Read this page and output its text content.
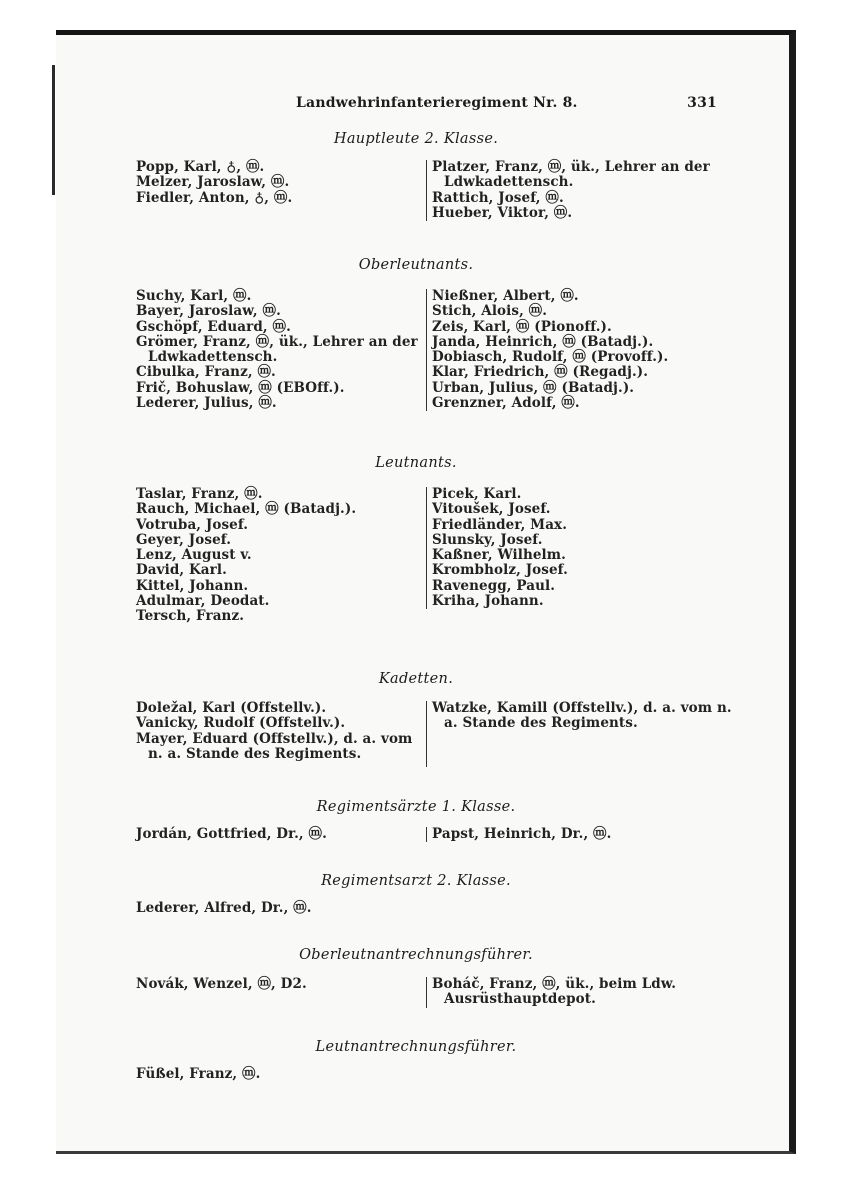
Landwehrinfanterieregiment Nr. 8.	331
Hauptleute 2. Klasse.
Popp, Karl, ♁, ⓜ.
Melzer, Jaroslaw, ⓜ.
Fiedler, Anton, ♁, ⓜ.
Platzer, Franz, ⓜ, ük., Lehrer an der Ldwkadettensch.
Rattich, Josef, ⓜ.
Hueber, Viktor, ⓜ.
Oberleutnants.
Suchy, Karl, ⓜ.
Bayer, Jaroslaw, ⓜ.
Gschöpf, Eduard, ⓜ.
Grömer, Franz, ⓜ, ük., Lehrer an der Ldwkadettensch.
Cibulka, Franz, ⓜ.
Frič, Bohuslaw, ⓜ (EBOff.).
Lederer, Julius, ⓜ.
Nießner, Albert, ⓜ.
Stich, Alois, ⓜ.
Zeis, Karl, ⓜ (Pionoff.).
Janda, Heinrich, ⓜ (Batadj.).
Dobiasch, Rudolf, ⓜ (Provoff.).
Klar, Friedrich, ⓜ (Regadj.).
Urban, Julius, ⓜ (Batadj.).
Grenzner, Adolf, ⓜ.
Leutnants.
Taslar, Franz, ⓜ.
Rauch, Michael, ⓜ (Batadj.).
Votruba, Josef.
Geyer, Josef.
Lenz, August v.
David, Karl.
Kittel, Johann.
Adulmar, Deodat.
Tersch, Franz.
Picek, Karl.
Vitoušek, Josef.
Friedländer, Max.
Slunsky, Josef.
Kaßner, Wilhelm.
Krombholz, Josef.
Ravenegg, Paul.
Kriha, Johann.
Kadetten.
Doležal, Karl (Offstellv.).
Vanicky, Rudolf (Offstellv.).
Mayer, Eduard (Offstellv.), d. a. vom n. a. Stande des Regiments.
Watzke, Kamill (Offstellv.), d. a. vom n. a. Stande des Regiments.
Regimentsärzte 1. Klasse.
Jordán, Gottfried, Dr., ⓜ.	Papst, Heinrich, Dr., ⓜ.
Regimentsarzt 2. Klasse.
Lederer, Alfred, Dr., ⓜ.
Oberleutnantrechnungsführer.
Novák, Wenzel, ⓜ, D2.	Boháč, Franz, ⓜ, ük., beim Ldw. Ausrüsthauptdepot.
Leutnantrechnungsführer.
Füßel, Franz, ⓜ.
